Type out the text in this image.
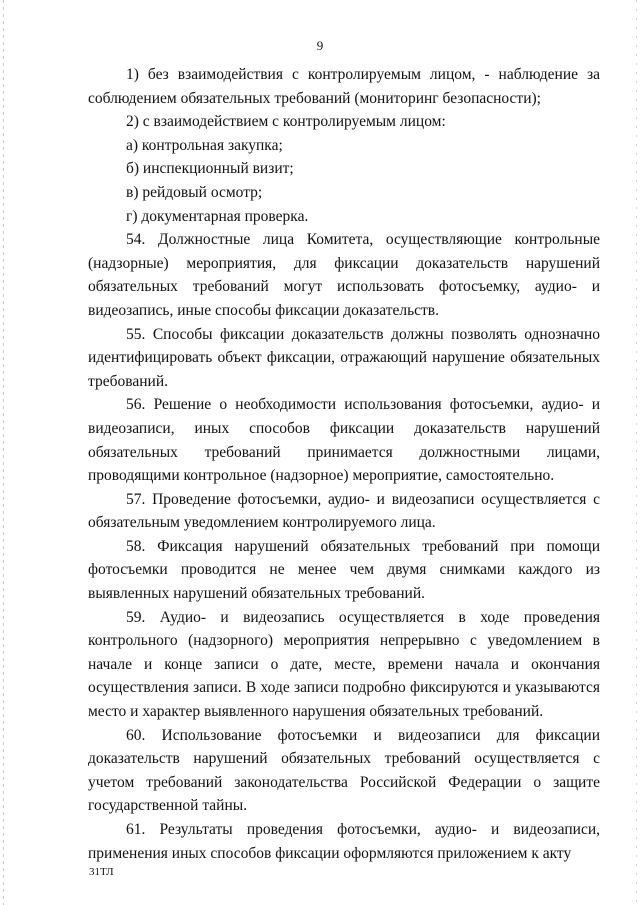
9

1) без взаимодействия с контролируемым лицом, - наблюдение за соблюдением обязательных требований (мониторинг безопасности);

2) с взаимодействием с контролируемым лицом:

а) контрольная закупка;

б) инспекционный визит;

в) рейдовый осмотр;

г) документарная проверка.

54. Должностные лица Комитета, осуществляющие контрольные (надзорные) мероприятия, для фиксации доказательств нарушений обязательных требований могут использовать фотосъемку, аудио- и видеозапись, иные способы фиксации доказательств.

55. Способы фиксации доказательств должны позволять однозначно идентифицировать объект фиксации, отражающий нарушение обязательных требований.

56. Решение о необходимости использования фотосъемки, аудио- и видеозаписи, иных способов фиксации доказательств нарушений обязательных требований принимается должностными лицами, проводящими контрольное (надзорное) мероприятие, самостоятельно.

57. Проведение фотосъемки, аудио- и видеозаписи осуществляется с обязательным уведомлением контролируемого лица.

58. Фиксация нарушений обязательных требований при помощи фотосъемки проводится не менее чем двумя снимками каждого из выявленных нарушений обязательных требований.

59. Аудио- и видеозапись осуществляется в ходе проведения контрольного (надзорного) мероприятия непрерывно с уведомлением в начале и конце записи о дате, месте, времени начала и окончания осуществления записи. В ходе записи подробно фиксируются и указываются место и характер выявленного нарушения обязательных требований.

60. Использование фотосъемки и видеозаписи для фиксации доказательств нарушений обязательных требований осуществляется с учетом требований законодательства Российской Федерации о защите государственной тайны.

61. Результаты проведения фотосъемки, аудио- и видеозаписи, применения иных способов фиксации оформляются приложением к акту

31ТЛ
